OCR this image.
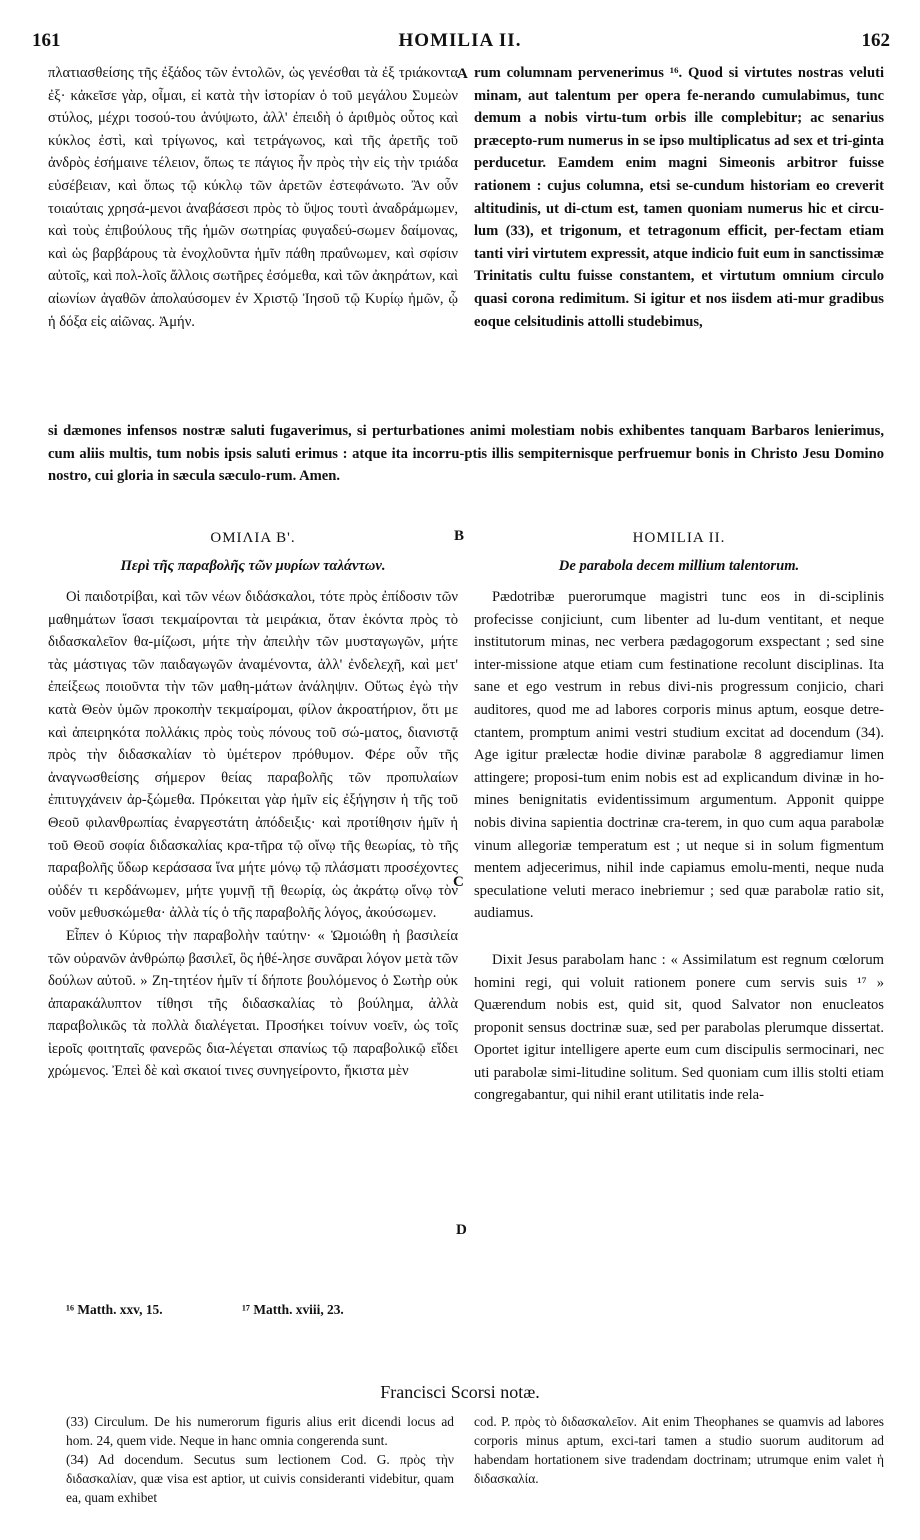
161	HOMILIA II.	162
πλατιασθείσης τῆς ἐξάδος τῶν ἐντολῶν, ὡς γενέσθαι τὰ ἐξ τριάκοντα ἐξ· κἀκεῖσε γὰρ, οἶμαι, εἰ κατὰ τὴν ἱστορίαν ὁ τοῦ μεγάλου Συμεὼν στύλος, μέχρι τοσού-του ἀνύψωτο, ἀλλ' ἐπειδὴ ὁ ἀριθμὸς οὗτος καὶ κύκλος ἐστὶ, καὶ τρίγωνος, καὶ τετράγωνος, καὶ τῆς ἀρετῆς τοῦ ἀνδρὸς ἐσήμαινε τέλειον, ὅπως τε πάγιος ἦν πρὸς τὴν εἰς τὴν τριάδα εὐσέβειαν, καὶ ὅπως τῷ κύκλῳ τῶν ἀρετῶν ἐστεφάνωτο. Ἂν οὖν τοιαύταις χρησά-μενοι ἀναβάσεσι πρὸς τὸ ὕψος τουτὶ ἀναδράμωμεν, καὶ τοὺς ἐπιβούλους τῆς ἡμῶν σωτηρίας φυγαδεύ-σωμεν δαίμονας, καὶ ὡς βαρβάρους τὰ ἐνοχλοῦντα ἡμῖν πάθη πραΰνωμεν, καὶ σφίσιν αὐτοῖς, καὶ πολ-λοῖς ἄλλοις σωτῆρες ἐσόμεθα, καὶ τῶν ἀκηράτων, καὶ αἰωνίων ἀγαθῶν ἀπολαύσομεν ἐν Χριστῷ Ἰησοῦ τῷ Κυρίῳ ἡμῶν, ᾧ ἡ δόξα εἰς αἰῶνας. Ἀμήν.
A rum columnam pervenerimus ¹⁶. Quod si virtutes nostras veluti minam, aut talentum per opera fe-nerando cumulabimus, tunc demum a nobis virtu-tum orbis ille complebitur; ac senarius præcepto-rum numerus in se ipso multiplicatus ad sex et tri-ginta perducetur. Eamdem enim magni Simeonis arbitror fuisse rationem : cujus columna, etsi se-cundum historiam eo creverit altitudinis, ut di-ctum est, tamen quoniam numerus hic et circu-lum (33), et trigonum, et tetragonum efficit, per-fectam etiam tanti viri virtutem expressit, atque indicio fuit eum in sanctissimæ Trinitatis cultu fuisse constantem, et virtutum omnium circulo quasi corona redimitum. Si igitur et nos iisdem ati-mur gradibus eoque celsitudinis attolli studebimus,
si dæmones infensos nostræ saluti fugaverimus, si perturbationes animi molestiam nobis exhibentes tanquam Barbaros lenierimus, cum aliis multis, tum nobis ipsis saluti erimus : atque ita incorru-ptis illis sempiternisque perfruemur bonis in Christo Jesu Domino nostro, cui gloria in sæcula sæculo-rum. Amen.
ΟΜΙΛΙΑ Β'.	B	HOMILIA II.
Περὶ τῆς παραβολῆς τῶν μυρίων ταλάντων.	De parabola decem millium talentorum.

Οἱ παιδοτρίβαι, καὶ τῶν νέων διδάσκαλοι, τότε πρὸς ἐπίδοσιν τῶν μαθημάτων ἴσασι τεκμαίρονται τὰ μειράκια, ὅταν ἑκόντα πρὸς τὸ διδασκαλεῖον θα-μίζωσι, μήτε τὴν ἀπειλὴν τῶν μυσταγωγῶν, μήτε τὰς μάστιγας τῶν παιδαγωγῶν ἀναμένοντα, ἀλλ' ἐνδελεχῆ, καὶ μετ' ἐπείξεως ποιοῦντα τὴν τῶν μαθη-μάτων ἀνάληψιν. Οὕτως ἐγὼ τὴν κατὰ Θεὸν ὑμῶν προκοπὴν τεκμαίρομαι, φίλον ἀκροατήριον, ὅτι με καὶ ἀπειρηκότα πολλάκις πρὸς τοὺς πόνους τοῦ σώ-ματος, διανιστᾷ πρὸς τὴν διδασκαλίαν τὸ ὑμέτερον πρόθυμον. Φέρε οὖν τῆς ἀναγνωσθείσης σήμερον θείας παραβολῆς τῶν προπυλαίων ἐπιτυγχάνειν ἀρ-ξώμεθα. Πρόκειται γὰρ ἡμῖν εἰς ἐξήγησιν ἡ τῆς τοῦ Θεοῦ φιλανθρωπίας ἐναργεστάτη ἀπόδειξις· καὶ προτίθησιν ἡμῖν ἡ τοῦ Θεοῦ σοφία διδασκαλίας κρα-τῆρα τῷ οἴνῳ τῆς θεωρίας, τὸ τῆς παραβολῆς ὕδωρ κεράσασα ἵνα μήτε μόνῳ τῷ πλάσματι προσέχοντες οὐδέν τι κερδάνωμεν, μήτε γυμνῇ τῇ θεωρίᾳ, ὡς ἀκράτῳ οἴνῳ τὸν νοῦν μεθυσκώμεθα· ἀλλὰ τίς ὁ τῆς παραβολῆς λόγος, ἀκούσωμεν.

Εἶπεν ὁ Κύριος τὴν παραβολὴν ταύτην· « Ὡμοιώθη ἡ βασιλεία τῶν οὐρανῶν ἀνθρώπῳ βασιλεῖ, ὃς ἠθέ-λησε συνᾶραι λόγον μετὰ τῶν δούλων αὐτοῦ. » Ζη-τητέον ἡμῖν τί δήποτε βουλόμενος ὁ Σωτὴρ οὐκ ἀπαρακάλυπτον τίθησι τῆς διδασκαλίας τὸ βούλημα, ἀλλὰ παραβολικῶς τὰ πολλὰ διαλέγεται. Προσήκει τοίνυν νοεῖν, ὡς τοῖς ἱεροῖς φοιτηταῖς φανερῶς δια-λέγεται σπανίως τῷ παραβολικῷ εἴδει χρώμενος. Ἐπεὶ δὲ καὶ σκαιοί τινες συνηγείροντο, ἥκιστα μὲν

C
D

Pædotribæ puerorumque magistri tunc eos in di-sciplinis profecisse conjiciunt, cum libenter ad lu-dum ventitant, et neque institutorum minas, nec verbera pædagogorum exspectant ; sed sine inter-missione atque etiam cum festinatione recolunt disciplinas. Ita sane et ego vestrum in rebus divi-nis progressum conjicio, chari auditores, quod me ad labores corporis minus aptum, eosque detre-ctantem, promptum animi vestri studium excitat ad docendum (34). Age igitur prælectæ hodie divinæ parabolæ 8 aggrediamur limen attingere; proposi-tum enim nobis est ad explicandum divinæ in ho-mines benignitatis evidentissimum argumentum. Apponit quippe nobis divina sapientia doctrinæ cra-terem, in quo cum aqua parabolæ vinum allegoriæ temperatum est ; ut neque si in solum figmentum mentem adjecerimus, nihil inde capiamus emolu-menti, neque nuda speculatione veluti meraco inebriemur ; sed quæ parabolæ ratio sit, audiamus.

Dixit Jesus parabolam hanc : « Assimilatum est regnum cœlorum homini regi, qui voluit rationem ponere cum servis suis ¹⁷ » Quærendum nobis est, quid sit, quod Salvator non enucleatos proponit sensus doctrinæ suæ, sed per parabolas plerumque dissertat. Oportet igitur intelligere aperte eum cum discipulis sermocinari, nec uti parabolæ simi-litudine solitum. Sed quoniam cum illis stolti etiam congregabantur, qui nihil erant utilitatis inde rela-

¹⁶ Matth. xxv, 15.	¹⁷ Matth. xviii, 23.
Francisci Scorsi notæ.
(33) Circulum. De his numerorum figuris alius erit dicendi locus ad hom. 24, quem vide. Neque in hanc omnia congerenda sunt.
(34) Ad docendum. Secutus sum lectionem Cod. G. πρὸς τὴν διδασκαλίαν, quæ visa est aptior, ut cuivis consideranti videbitur, quam ea, quam exhibet
cod. P. πρὸς τὸ διδασκαλεῖον. Ait enim Theophanes se quamvis ad labores corporis minus aptum, exci-tari tamen a studio suorum auditorum ad habendam hortationem sive tradendam doctrinam; utrumque enim valet ἡ διδασκαλία.
